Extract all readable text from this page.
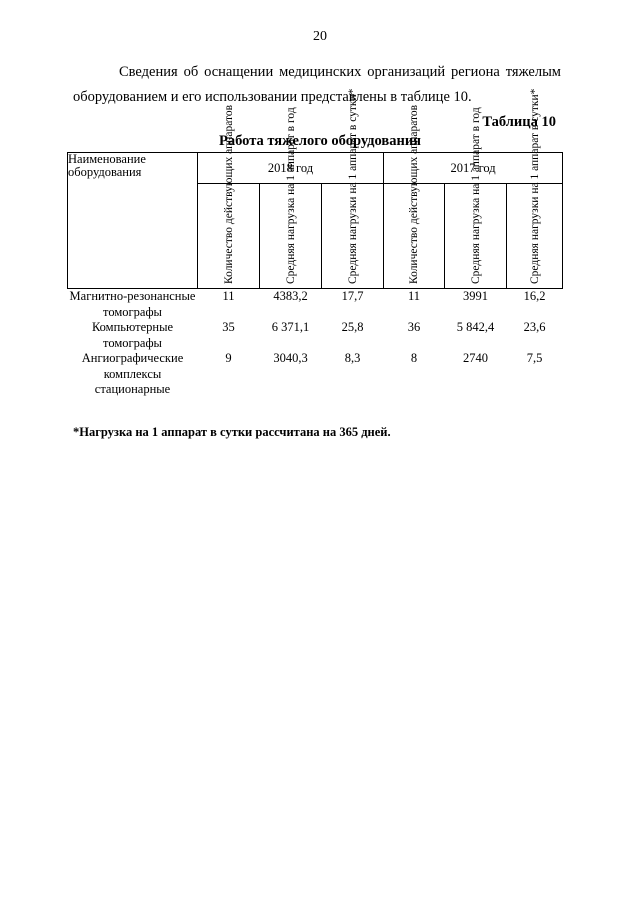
20

Сведения об оснащении медицинских организаций региона тяжелым оборудованием и его использовании представлены в таблице 10.

Таблица 10
Работа тяжелого оборудования
Наименование оборудования	2018 год			2017 год		
	Количество действующих аппаратов	Средняя нагрузка на 1 аппарат в год	Средняя нагрузки на 1 аппарат в сутки*	Количество действующих аппаратов	Средняя нагрузка на 1 аппарат в год	Средняя нагрузки на 1 аппарат в сутки*
Магнитно-резонансные томографы	11	4383,2	17,7	11	3991	16,2
Компьютерные томографы	35	6 371,1	25,8	36	5 842,4	23,6
Ангиографические комплексы стационарные	9	3040,3	8,3	8	2740	7,5
*Нагрузка на 1 аппарат в сутки рассчитана на 365 дней.
